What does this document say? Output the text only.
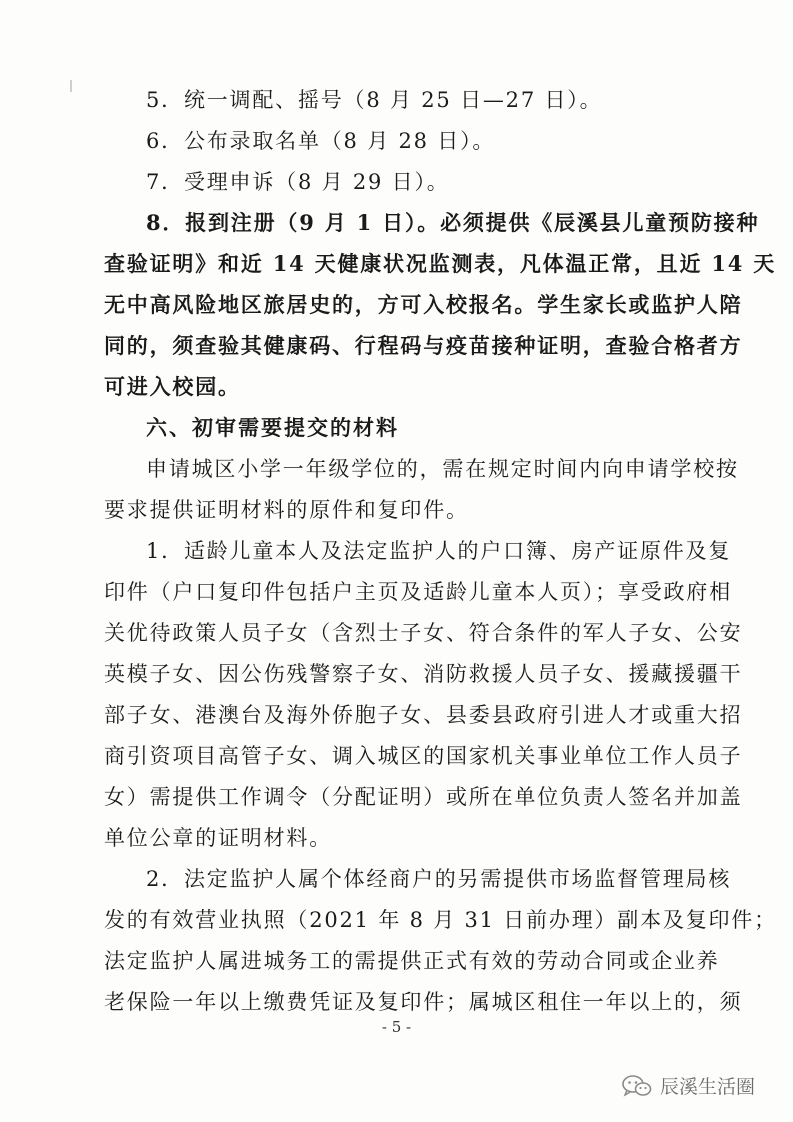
5．统一调配、摇号（8 月 25 日—27 日）。
6．公布录取名单（8 月 28 日）。
7．受理申诉（8 月 29 日）。
8．报到注册（9 月 1 日）。必须提供《辰溪县儿童预防接种
查验证明》和近 14 天健康状况监测表，凡体温正常，且近 14 天
无中高风险地区旅居史的，方可入校报名。学生家长或监护人陪
同的，须查验其健康码、行程码与疫苗接种证明，查验合格者方
可进入校园。
六、初审需要提交的材料
申请城区小学一年级学位的，需在规定时间内向申请学校按
要求提供证明材料的原件和复印件。
1．适龄儿童本人及法定监护人的户口簿、房产证原件及复
印件（户口复印件包括户主页及适龄儿童本人页）；享受政府相
关优待政策人员子女（含烈士子女、符合条件的军人子女、公安
英模子女、因公伤残警察子女、消防救援人员子女、援藏援疆干
部子女、港澳台及海外侨胞子女、县委县政府引进人才或重大招
商引资项目高管子女、调入城区的国家机关事业单位工作人员子
女）需提供工作调令（分配证明）或所在单位负责人签名并加盖
单位公章的证明材料。
2．法定监护人属个体经商户的另需提供市场监督管理局核
发的有效营业执照（2021 年 8 月 31 日前办理）副本及复印件；
法定监护人属进城务工的需提供正式有效的劳动合同或企业养
老保险一年以上缴费凭证及复印件；属城区租住一年以上的，须
- 5 -
辰溪生活圈
